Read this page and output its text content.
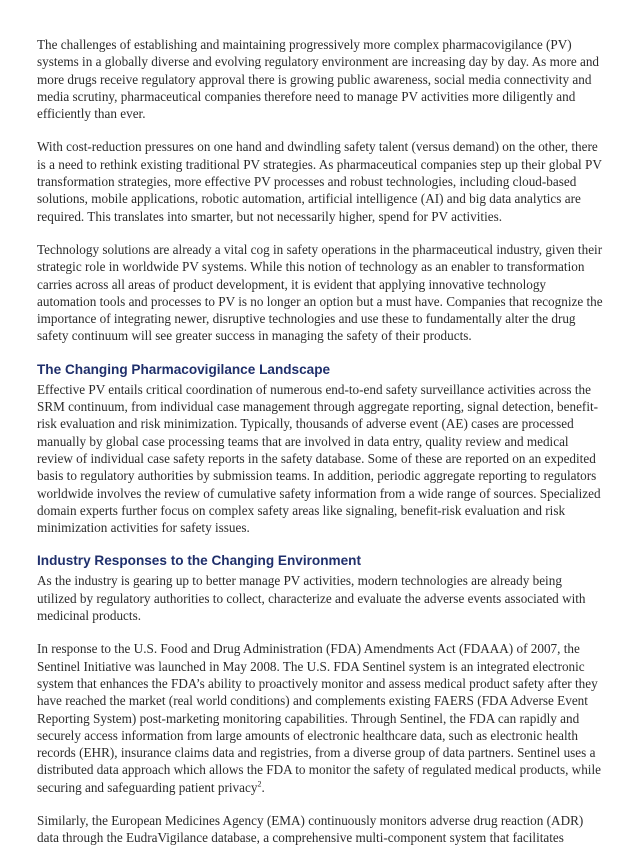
The challenges of establishing and maintaining progressively more complex pharmacovigilance (PV) systems in a globally diverse and evolving regulatory environment are increasing day by day. As more and more drugs receive regulatory approval there is growing public awareness, social media connectivity and media scrutiny, pharmaceutical companies therefore need to manage PV activities more diligently and efficiently than ever.

With cost-reduction pressures on one hand and dwindling safety talent (versus demand) on the other, there is a need to rethink existing traditional PV strategies. As pharmaceutical companies step up their global PV transformation strategies, more effective PV processes and robust technologies, including cloud-based solutions, mobile applications, robotic automation, artificial intelligence (AI) and big data analytics are required. This translates into smarter, but not necessarily higher, spend for PV activities.

Technology solutions are already a vital cog in safety operations in the pharmaceutical industry, given their strategic role in worldwide PV systems. While this notion of technology as an enabler to transformation carries across all areas of product development, it is evident that applying innovative technology automation tools and processes to PV is no longer an option but a must have. Companies that recognize the importance of integrating newer, disruptive technologies and use these to fundamentally alter the drug safety continuum will see greater success in managing the safety of their products.

The Changing Pharmacovigilance Landscape

Effective PV entails critical coordination of numerous end-to-end safety surveillance activities across the SRM continuum, from individual case management through aggregate reporting, signal detection, benefit-risk evaluation and risk minimization. Typically, thousands of adverse event (AE) cases are processed manually by global case processing teams that are involved in data entry, quality review and medical review of individual case safety reports in the safety database. Some of these are reported on an expedited basis to regulatory authorities by submission teams. In addition, periodic aggregate reporting to regulators worldwide involves the review of cumulative safety information from a wide range of sources. Specialized domain experts further focus on complex safety areas like signaling, benefit-risk evaluation and risk minimization activities for safety issues.

Industry Responses to the Changing Environment

As the industry is gearing up to better manage PV activities, modern technologies are already being utilized by regulatory authorities to collect, characterize and evaluate the adverse events associated with medicinal products.

In response to the U.S. Food and Drug Administration (FDA) Amendments Act (FDAAA) of 2007, the Sentinel Initiative was launched in May 2008. The U.S. FDA Sentinel system is an integrated electronic system that enhances the FDA’s ability to proactively monitor and assess medical product safety after they have reached the market (real world conditions) and complements existing FAERS (FDA Adverse Event Reporting System) post-marketing monitoring capabilities. Through Sentinel, the FDA can rapidly and securely access information from large amounts of electronic healthcare data, such as electronic health records (EHR), insurance claims data and registries, from a diverse group of data partners. Sentinel uses a distributed data approach which allows the FDA to monitor the safety of regulated medical products, while securing and safeguarding patient privacy$^2$.

Similarly, the European Medicines Agency (EMA) continuously monitors adverse drug reaction (ADR) data through the EudraVigilance database, a comprehensive multi-component system that facilitates
